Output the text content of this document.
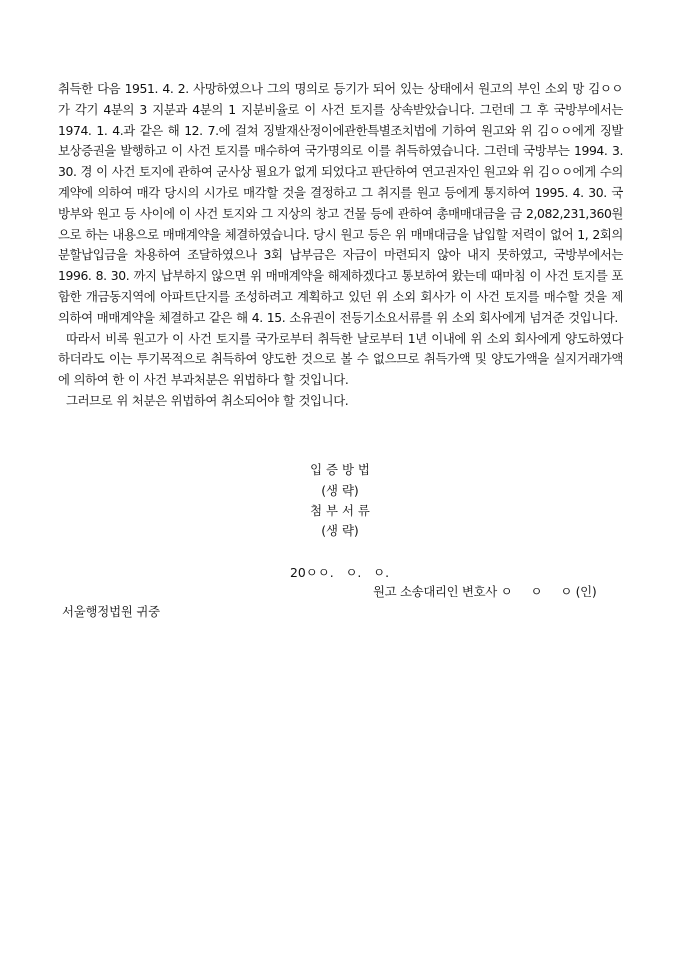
취득한 다음 1951. 4. 2. 사망하였으나 그의 명의로 등기가 되어 있는 상태에서 원고의 부인 소외 망 김ㅇㅇ가 각기 4분의 3 지분과 4분의 1 지분비율로 이 사건 토지를 상속받았습니다. 그런데 그 후 국방부에서는 1974. 1. 4.과 같은 해 12. 7.에 걸쳐 징발재산정이에관한특별조치법에 기하여 원고와 위 김ㅇㅇ에게 징발보상증권을 발행하고 이 사건 토지를 매수하여 국가명의로 이를 취득하였습니다. 그런데 국방부는 1994. 3. 30. 경 이 사건 토지에 관하여 군사상 필요가 없게 되었다고 판단하여 연고권자인 원고와 위 김ㅇㅇ에게 수의계약에 의하여 매각 당시의 시가로 매각할 것을 결정하고 그 취지를 원고 등에게 통지하여 1995. 4. 30. 국방부와 원고 등 사이에 이 사건 토지와 그 지상의 창고 건물 등에 관하여 총매매대금을 금 2,082,231,360원으로 하는 내용으로 매매계약을 체결하였습니다. 당시 원고 등은 위 매매대금을 납입할 저력이 없어 1, 2회의 분할납입금을 차용하여 조달하였으나 3회 납부금은 자금이 마련되지 않아 내지 못하였고, 국방부에서는 1996. 8. 30. 까지 납부하지 않으면 위 매매계약을 해제하겠다고 통보하여 왔는데 때마침 이 사건 토지를 포함한 개금동지역에 아파트단지를 조성하려고 계획하고 있던 위 소외 회사가 이 사건 토지를 매수할 것을 제의하여 매매계약을 체결하고 같은 해 4. 15. 소유권이 전등기소요서류를 위 소외 회사에게 넘겨준 것입니다.

따라서 비록 원고가 이 사건 토지를 국가로부터 취득한 날로부터 1년 이내에 위 소외 회사에게 양도하였다 하더라도 이는 투기목적으로 취득하여 양도한 것으로 볼 수 없으므로 취득가액 및 양도가액을 실지거래가액에 의하여 한 이 사건 부과처분은 위법하다 할 것입니다.

그러므로 위 처분은 위법하여 취소되어야 할 것입니다.

입 증 방 법
(생 략)
첨 부 서 류
(생 략)
20ㅇㅇ.   ㅇ.   ㅇ.
원고 소송대리인 변호사 ㅇ     ㅇ     ㅇ (인)
서울행정법원 귀중
